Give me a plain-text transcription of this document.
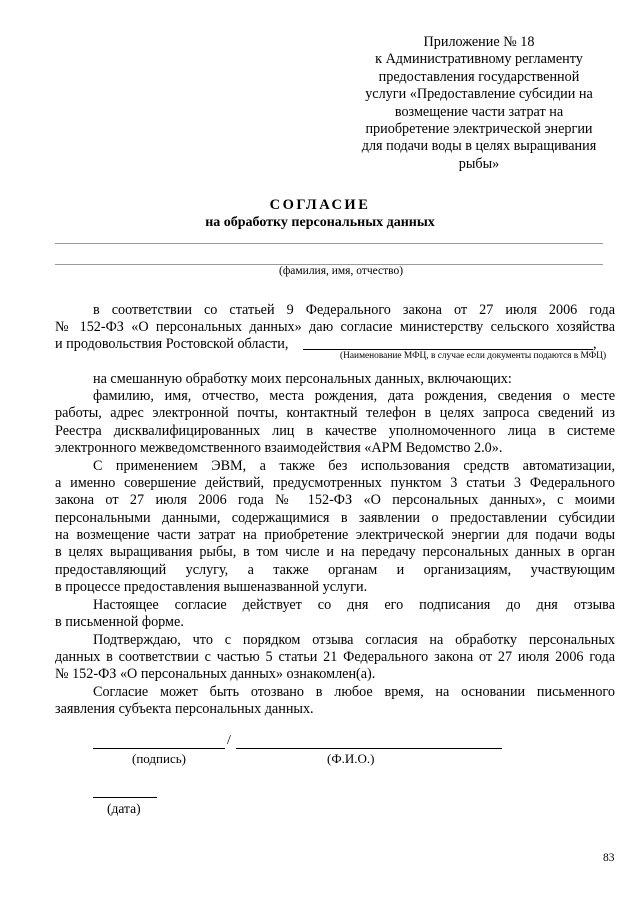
Приложение № 18
к Административному регламенту
предоставления государственной
услуги «Предоставление субсидии на
возмещение части затрат на
приобретение электрической энергии
для подачи воды в целях выращивания
рыбы»
СОГЛАСИЕ
на обработку персональных данных
(фамилия, имя, отчество)
в соответствии со статьей 9 Федерального закона от 27 июля 2006 года
№ 152-ФЗ «О персональных данных» даю согласие министерству сельского хозяйства
и продовольствия Ростовской области,	,
(Наименование МФЦ, в случае если документы подаются в МФЦ)
на смешанную обработку моих персональных данных, включающих:
фамилию, имя, отчество, места рождения, дата рождения, сведения о месте
работы, адрес электронной почты, контактный телефон в целях запроса сведений из
Реестра дисквалифицированных лиц в качестве уполномоченного лица в системе
электронного межведомственного взаимодействия «АРМ Ведомство 2.0».
С применением ЭВМ, а также без использования средств автоматизации,
а именно совершение действий, предусмотренных пунктом 3 статьи 3 Федерального
закона от 27 июля 2006 года № 152-ФЗ «О персональных данных», с моими
персональными данными, содержащимися в заявлении о предоставлении субсидии
на возмещение части затрат на приобретение электрической энергии для подачи воды
в целях выращивания рыбы, в том числе и на передачу персональных данных в орган
предоставляющий услугу, а также органам и организациям, участвующим
в процессе предоставления вышеназванной услуги.
Настоящее согласие действует со дня его подписания до дня отзыва
в письменной форме.
Подтверждаю, что с порядком отзыва согласия на обработку персональных
данных в соответствии с частью 5 статьи 21 Федерального закона от 27 июля 2006 года
№ 152-ФЗ «О персональных данных» ознакомлен(а).
Согласие может быть отозвано в любое время, на основании письменного
заявления субъекта персональных данных.
/
(подпись)	(Ф.И.О.)
(дата)
83
